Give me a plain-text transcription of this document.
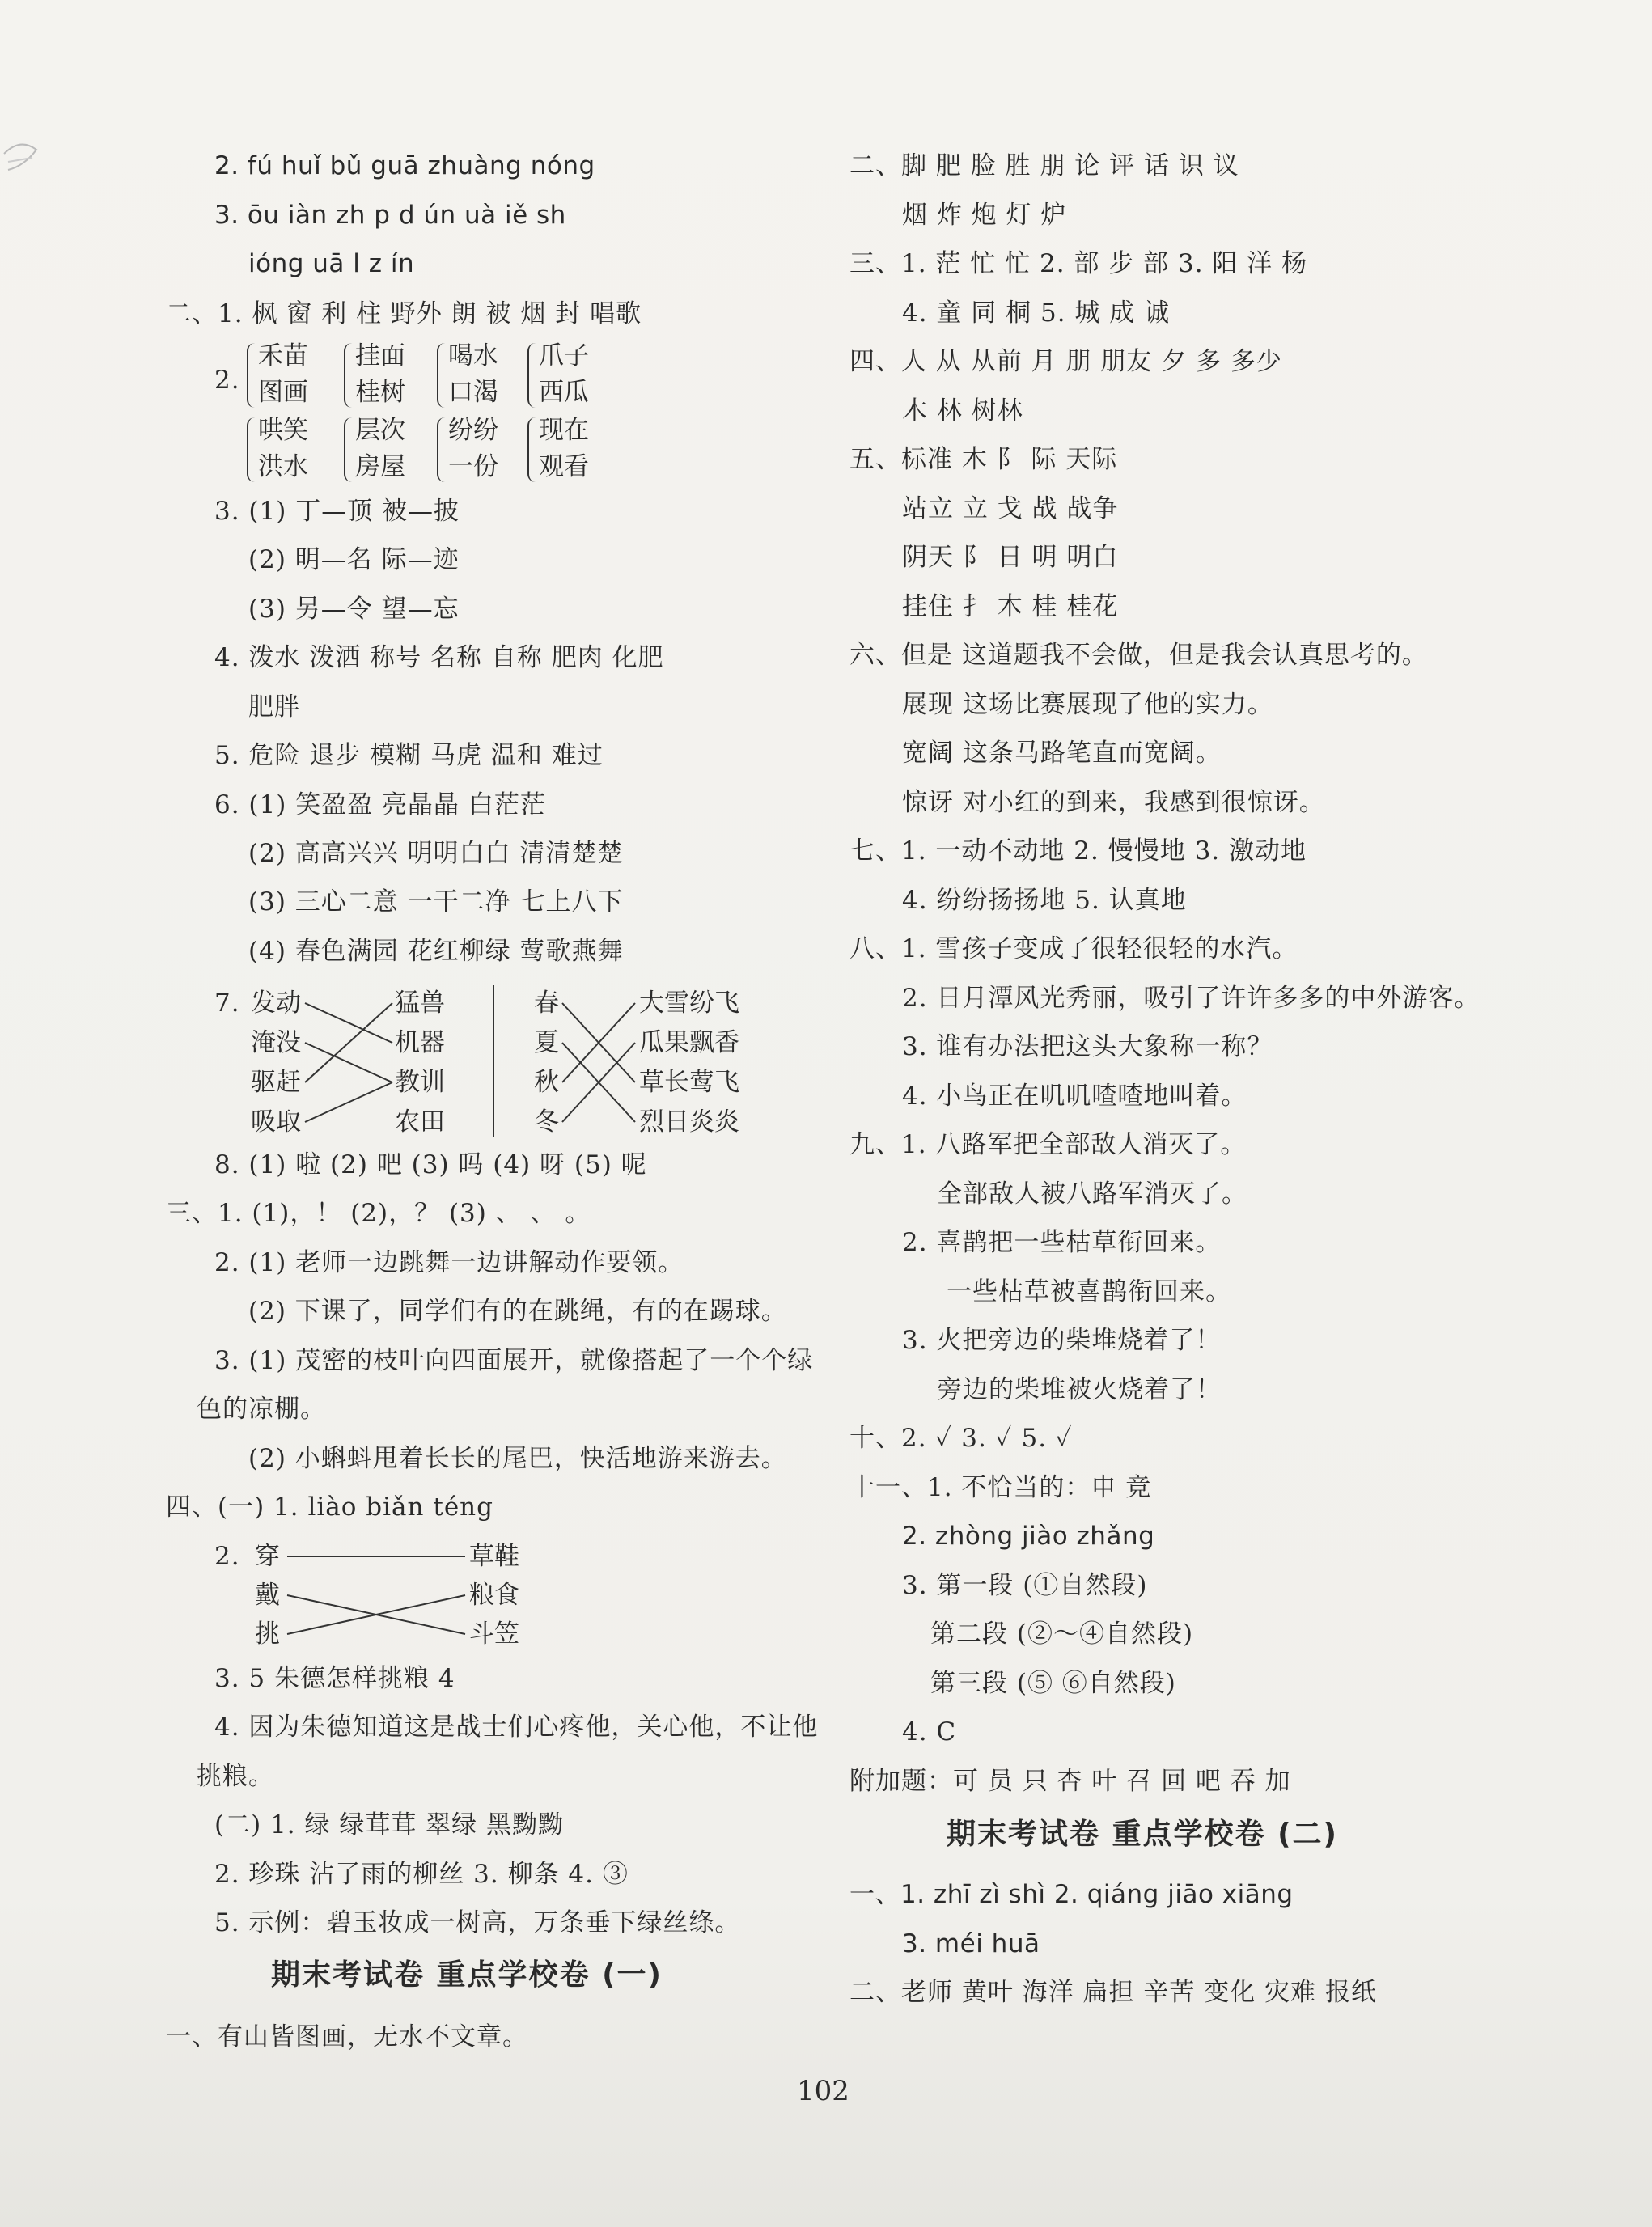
2. fú huǐ bǔ guā zhuàng nóng
3. ōu iàn zh p d ún uà iě sh
ióng uā l z ín
二、1. 枫 窗 利 柱 野外 朗 被 烟 封 唱歌
2.
禾苗
图画
挂面
桂树
喝水
口渴
爪子
西瓜
哄笑
洪水
层次
房屋
纷纷
一份
现在
观看
3. (1) 丁—顶 被—披
(2) 明—名 际—迹
(3) 另—令 望—忘
4. 泼水 泼洒 称号 名称 自称 肥肉 化肥
肥胖
5. 危险 退步 模糊 马虎 温和 难过
6. (1) 笑盈盈 亮晶晶 白茫茫
(2) 高高兴兴 明明白白 清清楚楚
(3) 三心二意 一干二净 七上八下
(4) 春色满园 花红柳绿 莺歌燕舞
7. 发动
淹没
驱赶
吸取
猛兽
机器
教训
农田
春
夏
秋
冬
大雪纷飞
瓜果飘香
草长莺飞
烈日炎炎
8. (1) 啦 (2) 吧 (3) 吗 (4) 呀 (5) 呢
三、1. (1)，！ (2)，？ (3) 、 、 。
2. (1) 老师一边跳舞一边讲解动作要领。
(2) 下课了，同学们有的在跳绳，有的在踢球。
3. (1) 茂密的枝叶向四面展开，就像搭起了一个个绿
色的凉棚。
(2) 小蝌蚪甩着长长的尾巴，快活地游来游去。
四、(一) 1. liào biǎn téng
2. 穿
戴
挑
草鞋
粮食
斗笠
3. 5 朱德怎样挑粮 4
4. 因为朱德知道这是战士们心疼他，关心他，不让他
挑粮。
(二) 1. 绿 绿茸茸 翠绿 黑黝黝
2. 珍珠 沾了雨的柳丝 3. 柳条 4. ③
5. 示例：碧玉妆成一树高，万条垂下绿丝绦。
期末考试卷 重点学校卷 (一)
一、有山皆图画，无水不文章。
二、脚 肥 脸 胜 朋 论 评 话 识 议
烟 炸 炮 灯 炉
三、1. 茫 忙 忙 2. 部 步 部 3. 阳 洋 杨
4. 童 同 桐 5. 城 成 诚
四、人 从 从前 月 朋 朋友 夕 多 多少
木 林 树林
五、标准 木 阝 际 天际
站立 立 戈 战 战争
阴天 阝 日 明 明白
挂住 扌 木 桂 桂花
六、但是 这道题我不会做，但是我会认真思考的。
展现 这场比赛展现了他的实力。
宽阔 这条马路笔直而宽阔。
惊讶 对小红的到来，我感到很惊讶。
七、1. 一动不动地 2. 慢慢地 3. 激动地
4. 纷纷扬扬地 5. 认真地
八、1. 雪孩子变成了很轻很轻的水汽。
2. 日月潭风光秀丽，吸引了许许多多的中外游客。
3. 谁有办法把这头大象称一称？
4. 小鸟正在叽叽喳喳地叫着。
九、1. 八路军把全部敌人消灭了。
全部敌人被八路军消灭了。
2. 喜鹊把一些枯草衔回来。
一些枯草被喜鹊衔回来。
3. 火把旁边的柴堆烧着了！
旁边的柴堆被火烧着了！
十、2. ✓ 3. ✓ 5. ✓
十一、1. 不恰当的：申 竞
2. zhòng jiào zhǎng
3. 第一段 (①自然段)
第二段 (②～④自然段)
第三段 (⑤ ⑥自然段)
4. C
附加题：可 员 只 杏 叶 召 回 吧 吞 加
期末考试卷 重点学校卷 (二)
一、1. zhī zì shì 2. qiáng jiāo xiāng
3. méi huā
二、老师 黄叶 海洋 扁担 辛苦 变化 灾难 报纸
102
